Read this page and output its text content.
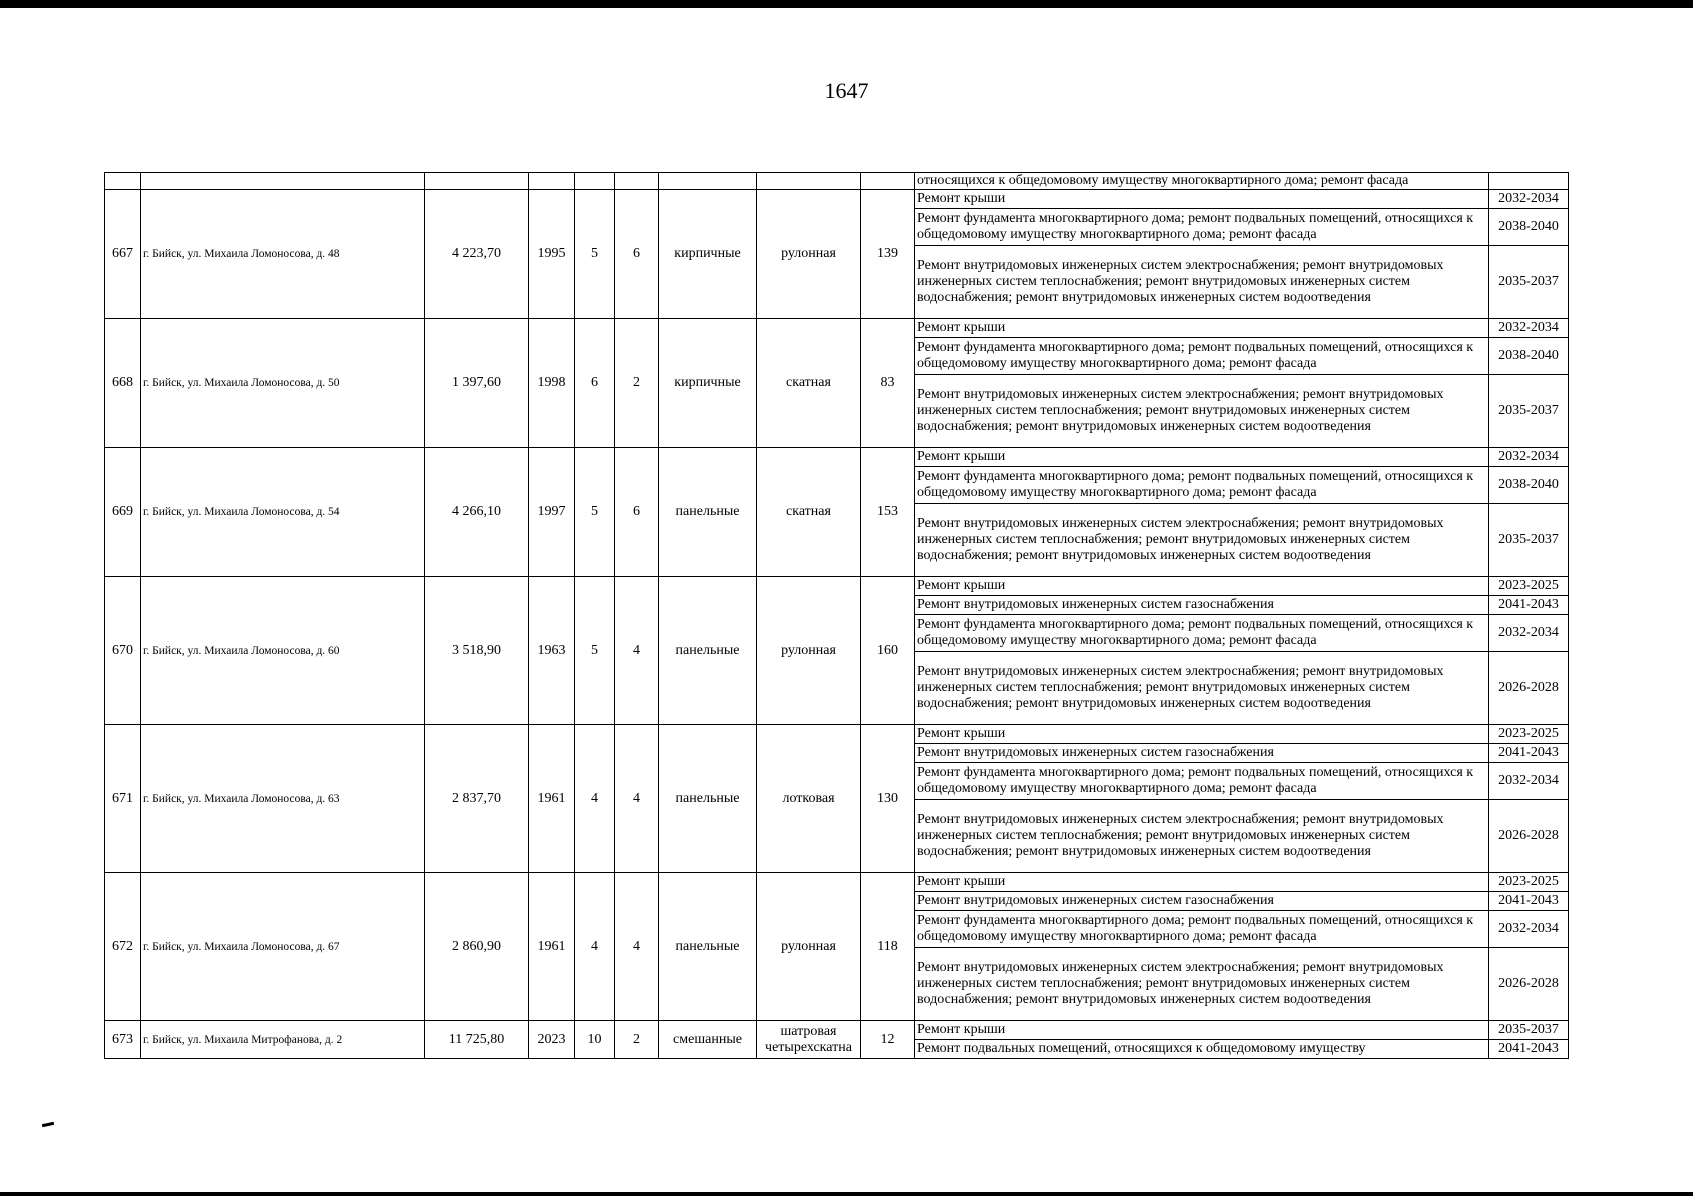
1647
									относящихся к общедомовому имуществу многоквартирного дома; ремонт фасада	
667	г. Бийск, ул. Михаила Ломоносова, д. 48	4 223,70	1995	5	6	кирпичные	рулонная	139	Ремонт крыши	2032-2034
									Ремонт фундамента многоквартирного дома; ремонт подвальных помещений, относящихся к общедомовому имуществу многоквартирного дома; ремонт фасада	2038-2040
									Ремонт внутридомовых инженерных систем электроснабжения; ремонт внутридомовых инженерных систем теплоснабжения; ремонт внутридомовых инженерных систем водоснабжения; ремонт внутридомовых инженерных систем водоотведения	2035-2037
668	г. Бийск, ул. Михаила Ломоносова, д. 50	1 397,60	1998	6	2	кирпичные	скатная	83	Ремонт крыши	2032-2034
									Ремонт фундамента многоквартирного дома; ремонт подвальных помещений, относящихся к общедомовому имуществу многоквартирного дома; ремонт фасада	2038-2040
									Ремонт внутридомовых инженерных систем электроснабжения; ремонт внутридомовых инженерных систем теплоснабжения; ремонт внутридомовых инженерных систем водоснабжения; ремонт внутридомовых инженерных систем водоотведения	2035-2037
669	г. Бийск, ул. Михаила Ломоносова, д. 54	4 266,10	1997	5	6	панельные	скатная	153	Ремонт крыши	2032-2034
									Ремонт фундамента многоквартирного дома; ремонт подвальных помещений, относящихся к общедомовому имуществу многоквартирного дома; ремонт фасада	2038-2040
									Ремонт внутридомовых инженерных систем электроснабжения; ремонт внутридомовых инженерных систем теплоснабжения; ремонт внутридомовых инженерных систем водоснабжения; ремонт внутридомовых инженерных систем водоотведения	2035-2037
670	г. Бийск, ул. Михаила Ломоносова, д. 60	3 518,90	1963	5	4	панельные	рулонная	160	Ремонт крыши	2023-2025
									Ремонт внутридомовых инженерных систем газоснабжения	2041-2043
									Ремонт фундамента многоквартирного дома; ремонт подвальных помещений, относящихся к общедомовому имуществу многоквартирного дома; ремонт фасада	2032-2034
									Ремонт внутридомовых инженерных систем электроснабжения; ремонт внутридомовых инженерных систем теплоснабжения; ремонт внутридомовых инженерных систем водоснабжения; ремонт внутридомовых инженерных систем водоотведения	2026-2028
671	г. Бийск, ул. Михаила Ломоносова, д. 63	2 837,70	1961	4	4	панельные	лотковая	130	Ремонт крыши	2023-2025
									Ремонт внутридомовых инженерных систем газоснабжения	2041-2043
									Ремонт фундамента многоквартирного дома; ремонт подвальных помещений, относящихся к общедомовому имуществу многоквартирного дома; ремонт фасада	2032-2034
									Ремонт внутридомовых инженерных систем электроснабжения; ремонт внутридомовых инженерных систем теплоснабжения; ремонт внутридомовых инженерных систем водоснабжения; ремонт внутридомовых инженерных систем водоотведения	2026-2028
672	г. Бийск, ул. Михаила Ломоносова, д. 67	2 860,90	1961	4	4	панельные	рулонная	118	Ремонт крыши	2023-2025
									Ремонт внутридомовых инженерных систем газоснабжения	2041-2043
									Ремонт фундамента многоквартирного дома; ремонт подвальных помещений, относящихся к общедомовому имуществу многоквартирного дома; ремонт фасада	2032-2034
									Ремонт внутридомовых инженерных систем электроснабжения; ремонт внутридомовых инженерных систем теплоснабжения; ремонт внутридомовых инженерных систем водоснабжения; ремонт внутридомовых инженерных систем водоотведения	2026-2028
673	г. Бийск, ул. Михаила Митрофанова, д. 2	11 725,80	2023	10	2	смешанные	шатровая четырехскатна	12	Ремонт крыши	2035-2037
									Ремонт подвальных помещений, относящихся к общедомовому имуществу	2041-2043
